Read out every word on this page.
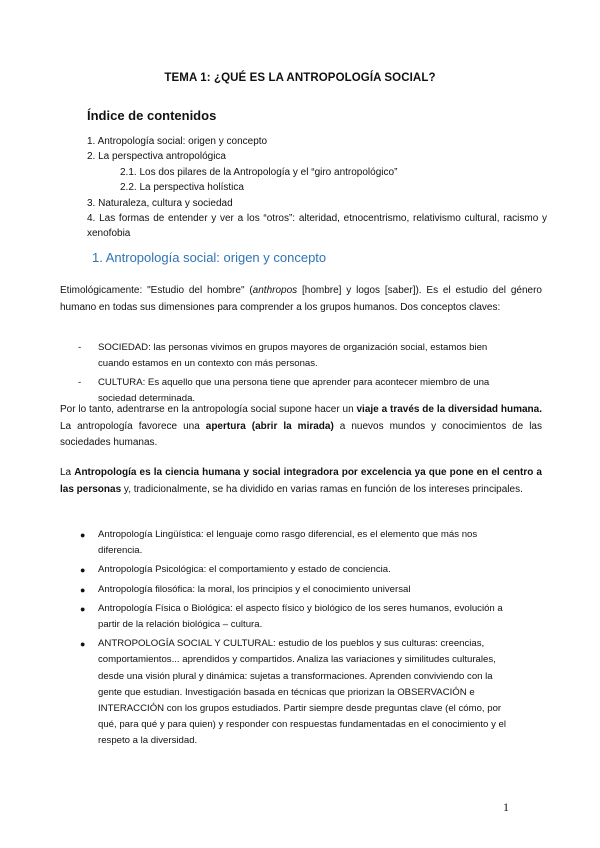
TEMA 1: ¿QUÉ ES LA ANTROPOLOGÍA SOCIAL?
Índice de contenidos
1. Antropología social: origen y concepto
2. La perspectiva antropológica
2.1. Los dos pilares de la Antropología y el “giro antropológico”
2.2. La perspectiva holística
3. Naturaleza, cultura y sociedad
4. Las formas de entender y ver a los “otros”: alteridad, etnocentrismo, relativismo cultural, racismo y xenofobia
1. Antropología social: origen y concepto
Etimológicamente: "Estudio del hombre" (anthropos [hombre] y logos [saber]). Es el estudio del género humano en todas sus dimensiones para comprender a los grupos humanos. Dos conceptos claves:
- SOCIEDAD: las personas vivimos en grupos mayores de organización social, estamos bien cuando estamos en un contexto con más personas.
- CULTURA: Es aquello que una persona tiene que aprender para acontecer miembro de una sociedad determinada.
Por lo tanto, adentrarse en la antropología social supone hacer un viaje a través de la diversidad humana. La antropología favorece una apertura (abrir la mirada) a nuevos mundos y conocimientos de las sociedades humanas.
La Antropología es la ciencia humana y social integradora por excelencia ya que pone en el centro a las personas y, tradicionalmente, se ha dividido en varias ramas en función de los intereses principales.
● Antropología Lingüística: el lenguaje como rasgo diferencial, es el elemento que más nos diferencia.
● Antropología Psicológica: el comportamiento y estado de conciencia.
● Antropología filosófica: la moral, los principios y el conocimiento universal
● Antropología Física o Biológica: el aspecto físico y biológico de los seres humanos, evolución a partir de la relación biológica – cultura.
● ANTROPOLOGÍA SOCIAL Y CULTURAL: estudio de los pueblos y sus culturas: creencias, comportamientos... aprendidos y compartidos. Analiza las variaciones y similitudes culturales, desde una visión plural y dinámica: sujetas a transformaciones. Aprenden conviviendo con la gente que estudian. Investigación basada en técnicas que priorizan la OBSERVACIÓN e INTERACCIÓN con los grupos estudiados. Partir siempre desde preguntas clave (el cómo, por qué, para qué y para quien) y responder con respuestas fundamentadas en el conocimiento y el respeto a la diversidad.
1
